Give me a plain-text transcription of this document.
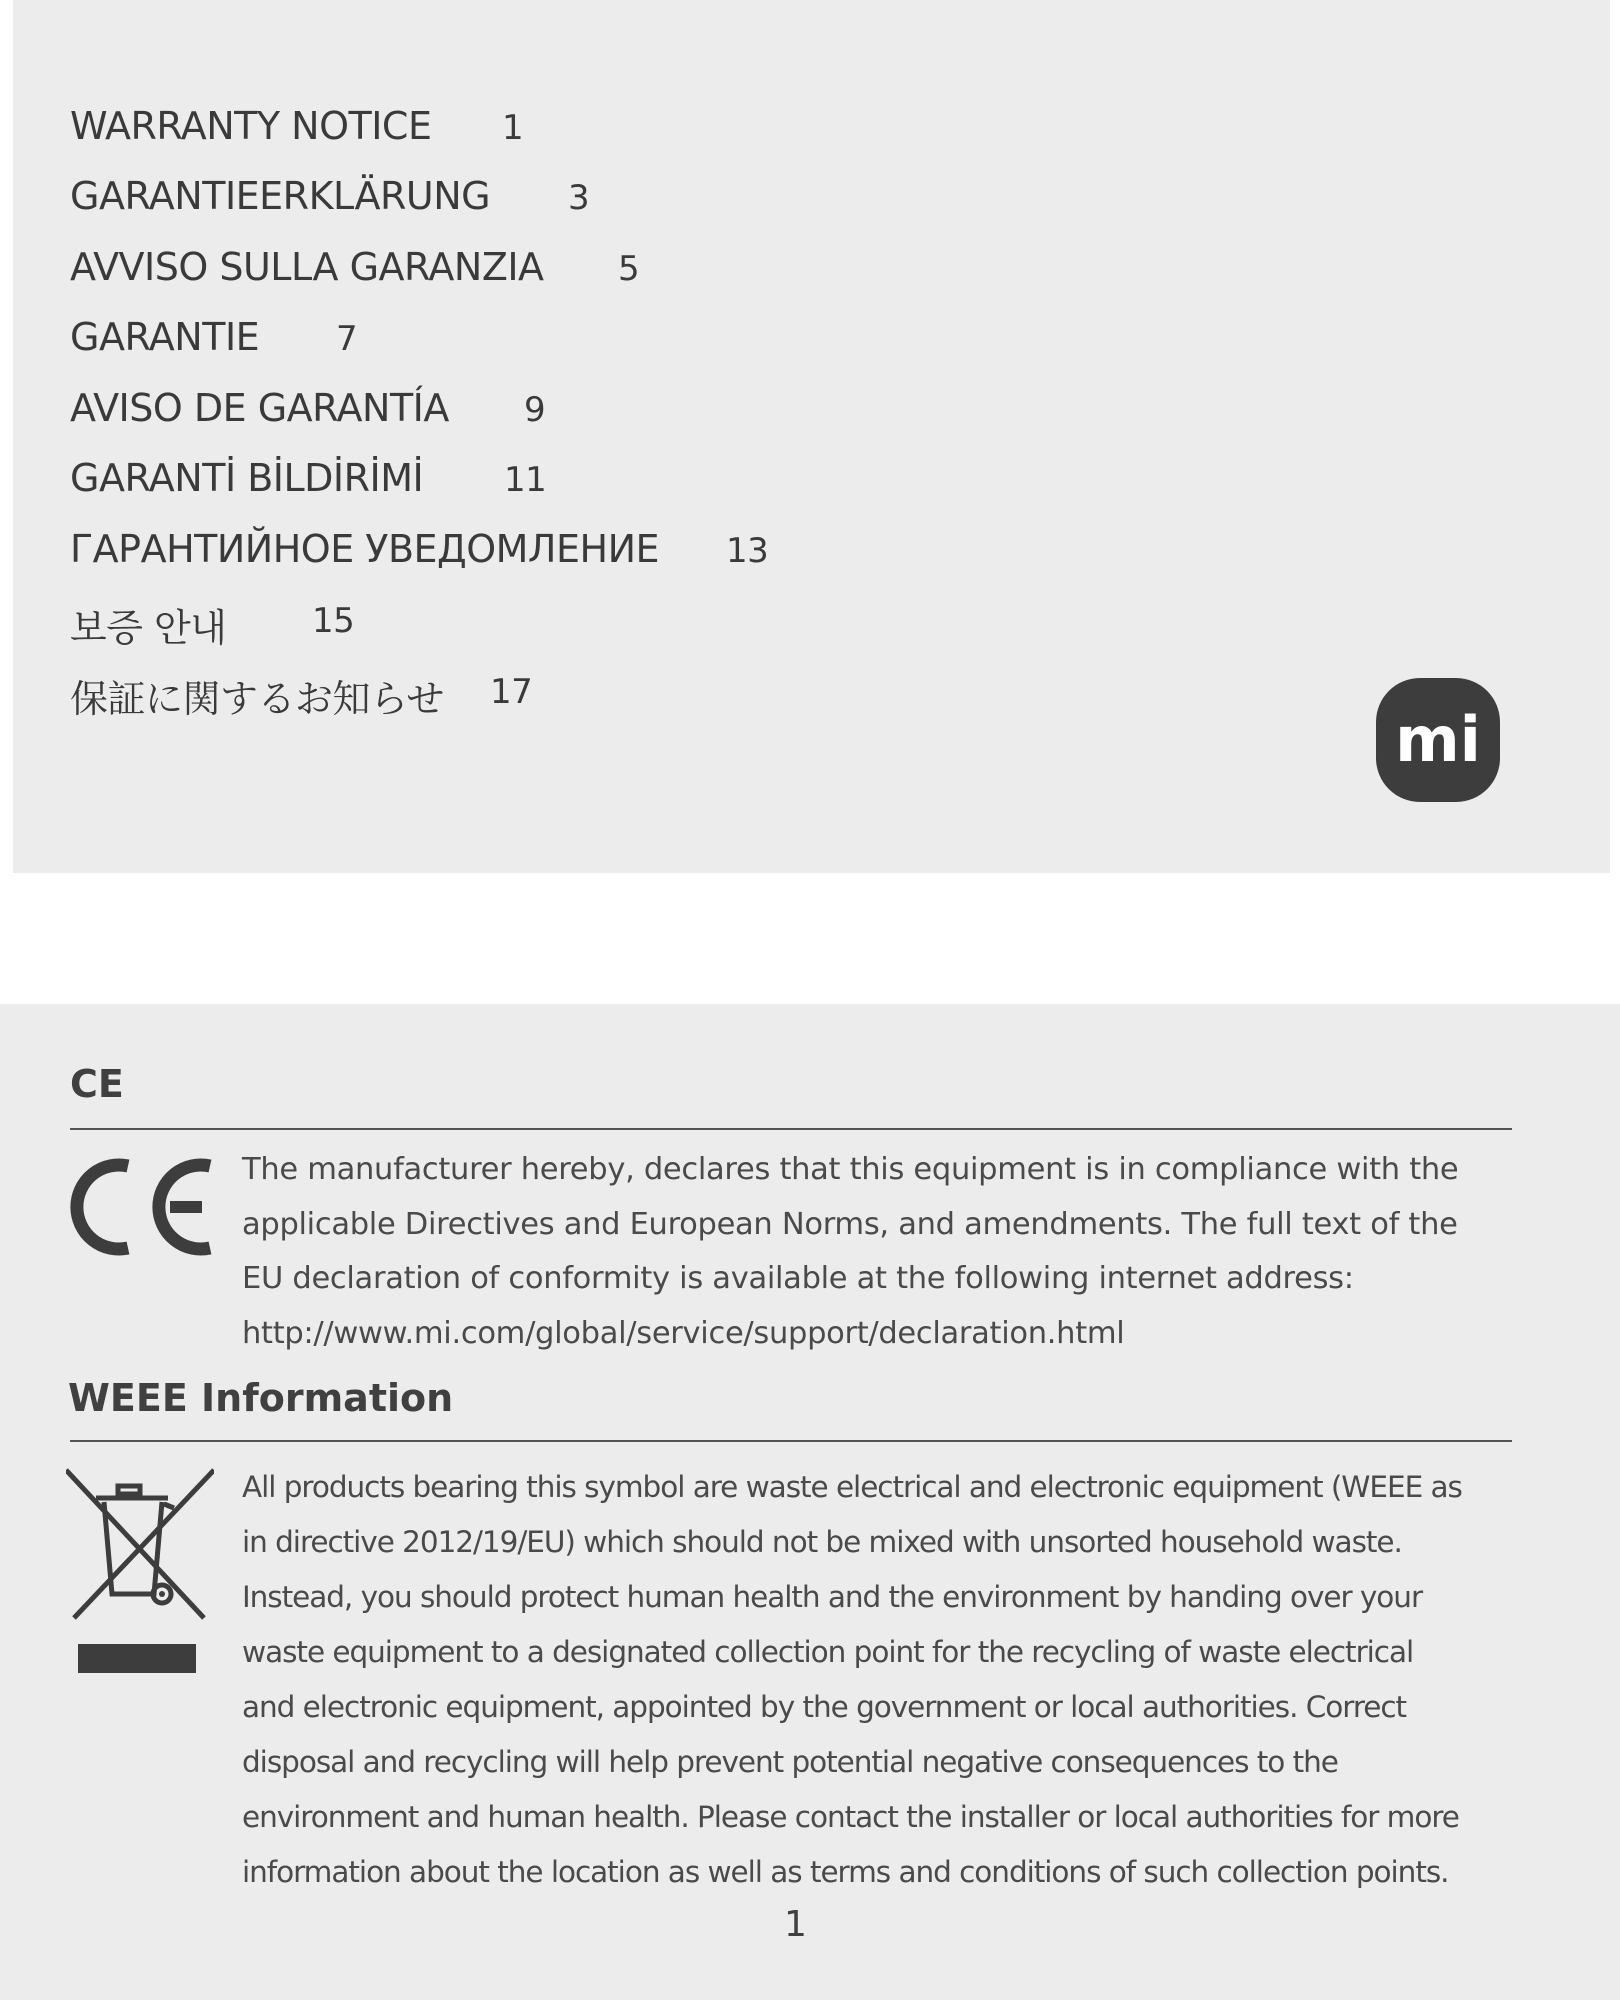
WARRANTY NOTICE 1
GARANTIEERKLÄRUNG 3
AVVISO SULLA GARANZIA 5
GARANTIE 7
AVISO DE GARANTÍA 9
GARANTİ BİLDİRİMİ 11
ГАРАНТИЙНОЕ УВЕДОМЛЕНИЕ 13
보증 안내	15
保証に関するお知らせ 17
mi
CE
The manufacturer hereby, declares that this equipment is in compliance with the
applicable Directives and European Norms, and amendments. The full text of the
EU declaration of conformity is available at the following internet address:
http://www.mi.com/global/service/support/declaration.html
WEEE Information
All products bearing this symbol are waste electrical and electronic equipment (WEEE as
in directive 2012/19/EU) which should not be mixed with unsorted household waste.
Instead, you should protect human health and the environment by handing over your
waste equipment to a designated collection point for the recycling of waste electrical
and electronic equipment, appointed by the government or local authorities. Correct
disposal and recycling will help prevent potential negative consequences to the
environment and human health. Please contact the installer or local authorities for more
information about the location as well as terms and conditions of such collection points.
1
